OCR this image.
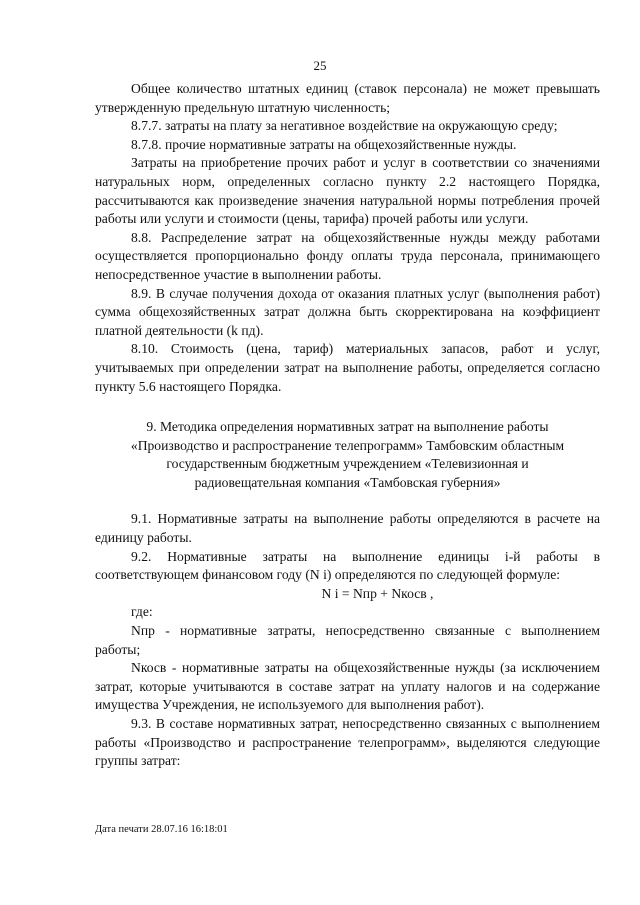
25

Общее количество штатных единиц (ставок персонала) не может превышать утвержденную предельную штатную численность;

8.7.7. затраты на плату за негативное воздействие на окружающую среду;

8.7.8. прочие нормативные затраты на общехозяйственные нужды.

Затраты на приобретение прочих работ и услуг в соответствии со значениями натуральных норм, определенных согласно пункту 2.2 настоящего Порядка, рассчитываются как произведение значения натуральной нормы потребления прочей работы или услуги и стоимости (цены, тарифа) прочей работы или услуги.

8.8. Распределение затрат на общехозяйственные нужды между работами осуществляется пропорционально фонду оплаты труда персонала, принимающего непосредственное участие в выполнении работы.

8.9. В случае получения дохода от оказания платных услуг (выполнения работ) сумма общехозяйственных затрат должна быть скорректирована на коэффициент платной деятельности (k пд).

8.10. Стоимость (цена, тариф) материальных запасов, работ и услуг, учитываемых при определении затрат на выполнение работы, определяется согласно пункту 5.6 настоящего Порядка.

9. Методика определения нормативных затрат на выполнение работы
«Производство и распространение телепрограмм» Тамбовским областным
государственным бюджетным учреждением «Телевизионная и
радиовещательная компания «Тамбовская губерния»

9.1. Нормативные затраты на выполнение работы определяются в расчете на единицу работы.

9.2. Нормативные затраты на выполнение единицы i-й работы в соответствующем финансовом году (N i) определяются по следующей формуле:

N i = Nпр + Nкосв ,

где:

Nпр - нормативные затраты, непосредственно связанные с выполнением работы;

Nкосв - нормативные затраты на общехозяйственные нужды (за исключением затрат, которые учитываются в составе затрат на уплату налогов и на содержание имущества Учреждения, не используемого для выполнения работ).

9.3. В составе нормативных затрат, непосредственно связанных с выполнением работы «Производство и распространение телепрограмм», выделяются следующие группы затрат:

Дата печати 28.07.16 16:18:01
